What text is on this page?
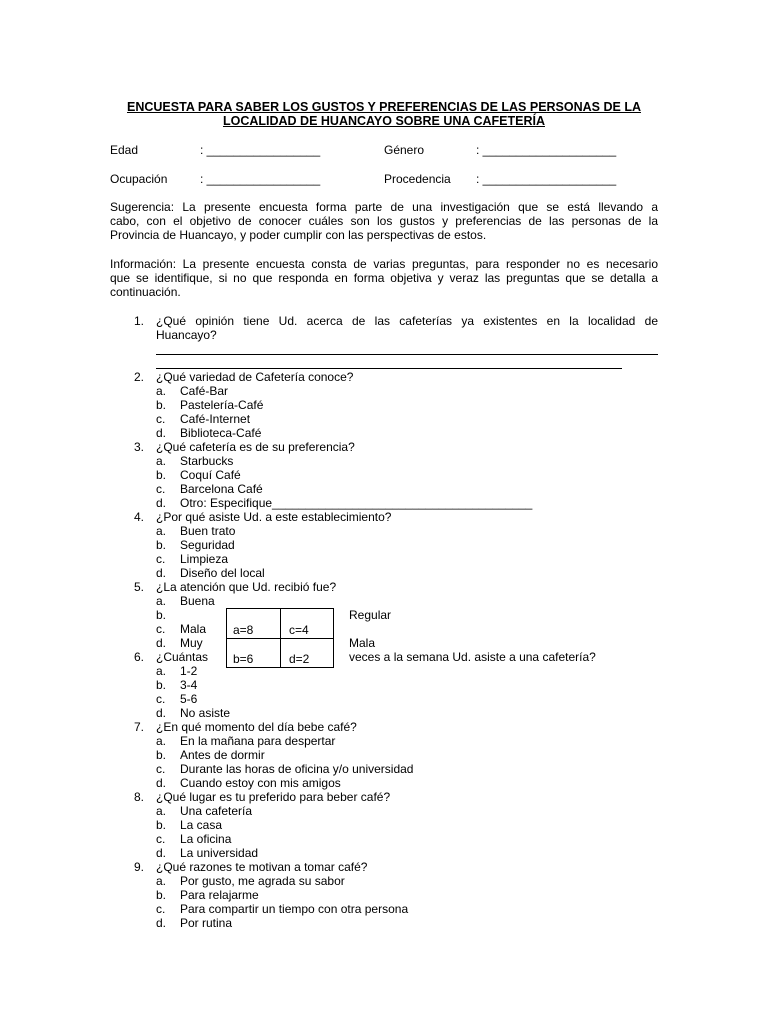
ENCUESTA PARA SABER LOS GUSTOS Y PREFERENCIAS DE LAS PERSONAS DE LA
LOCALIDAD DE HUANCAYO SOBRE UNA CAFETERÍA
Edad	: _________________	Género	: ____________________
Ocupación	: _________________	Procedencia : ____________________
Sugerencia: La presente encuesta forma parte de una investigación que se está llevando a
cabo, con el objetivo de conocer cuáles son los gustos y preferencias de las personas de la
Provincia de Huancayo, y poder cumplir con las perspectivas de estos.
Información: La presente encuesta consta de varias preguntas, para responder no es necesario
que se identifique, si no que responda en forma objetiva y veraz las preguntas que se detalla a
continuación.
1. ¿Qué opinión tiene Ud. acerca de las cafeterías ya existentes en la localidad de
Huancayo?
2. ¿Qué variedad de Cafetería conoce?
a. Café-Bar
b. Pastelería-Café
c. Café-Internet
d. Biblioteca-Café
3. ¿Qué cafetería es de su preferencia?
a. Starbucks
b. Coquí Café
c. Barcelona Café
d. Otro: Especifique_______________________________________
4. ¿Por qué asiste Ud. a este establecimiento?
a. Buen trato
b. Seguridad
c. Limpieza
d. Diseño del local
5. ¿La atención que Ud. recibió fue?
a. Buena
b.
c. Mala
d. Muy
Regular
Mala
a=8	c=4
b=6	d=2
6. ¿Cuántas	veces a la semana Ud. asiste a una cafetería?
a. 1-2
b. 3-4
c. 5-6
d. No asiste
7. ¿En qué momento del día bebe café?
a. En la mañana para despertar
b. Antes de dormir
c. Durante las horas de oficina y/o universidad
d. Cuando estoy con mis amigos
8. ¿Qué lugar es tu preferido para beber café?
a. Una cafetería
b. La casa
c. La oficina
d. La universidad
9. ¿Qué razones te motivan a tomar café?
a. Por gusto, me agrada su sabor
b. Para relajarme
c. Para compartir un tiempo con otra persona
d. Por rutina
